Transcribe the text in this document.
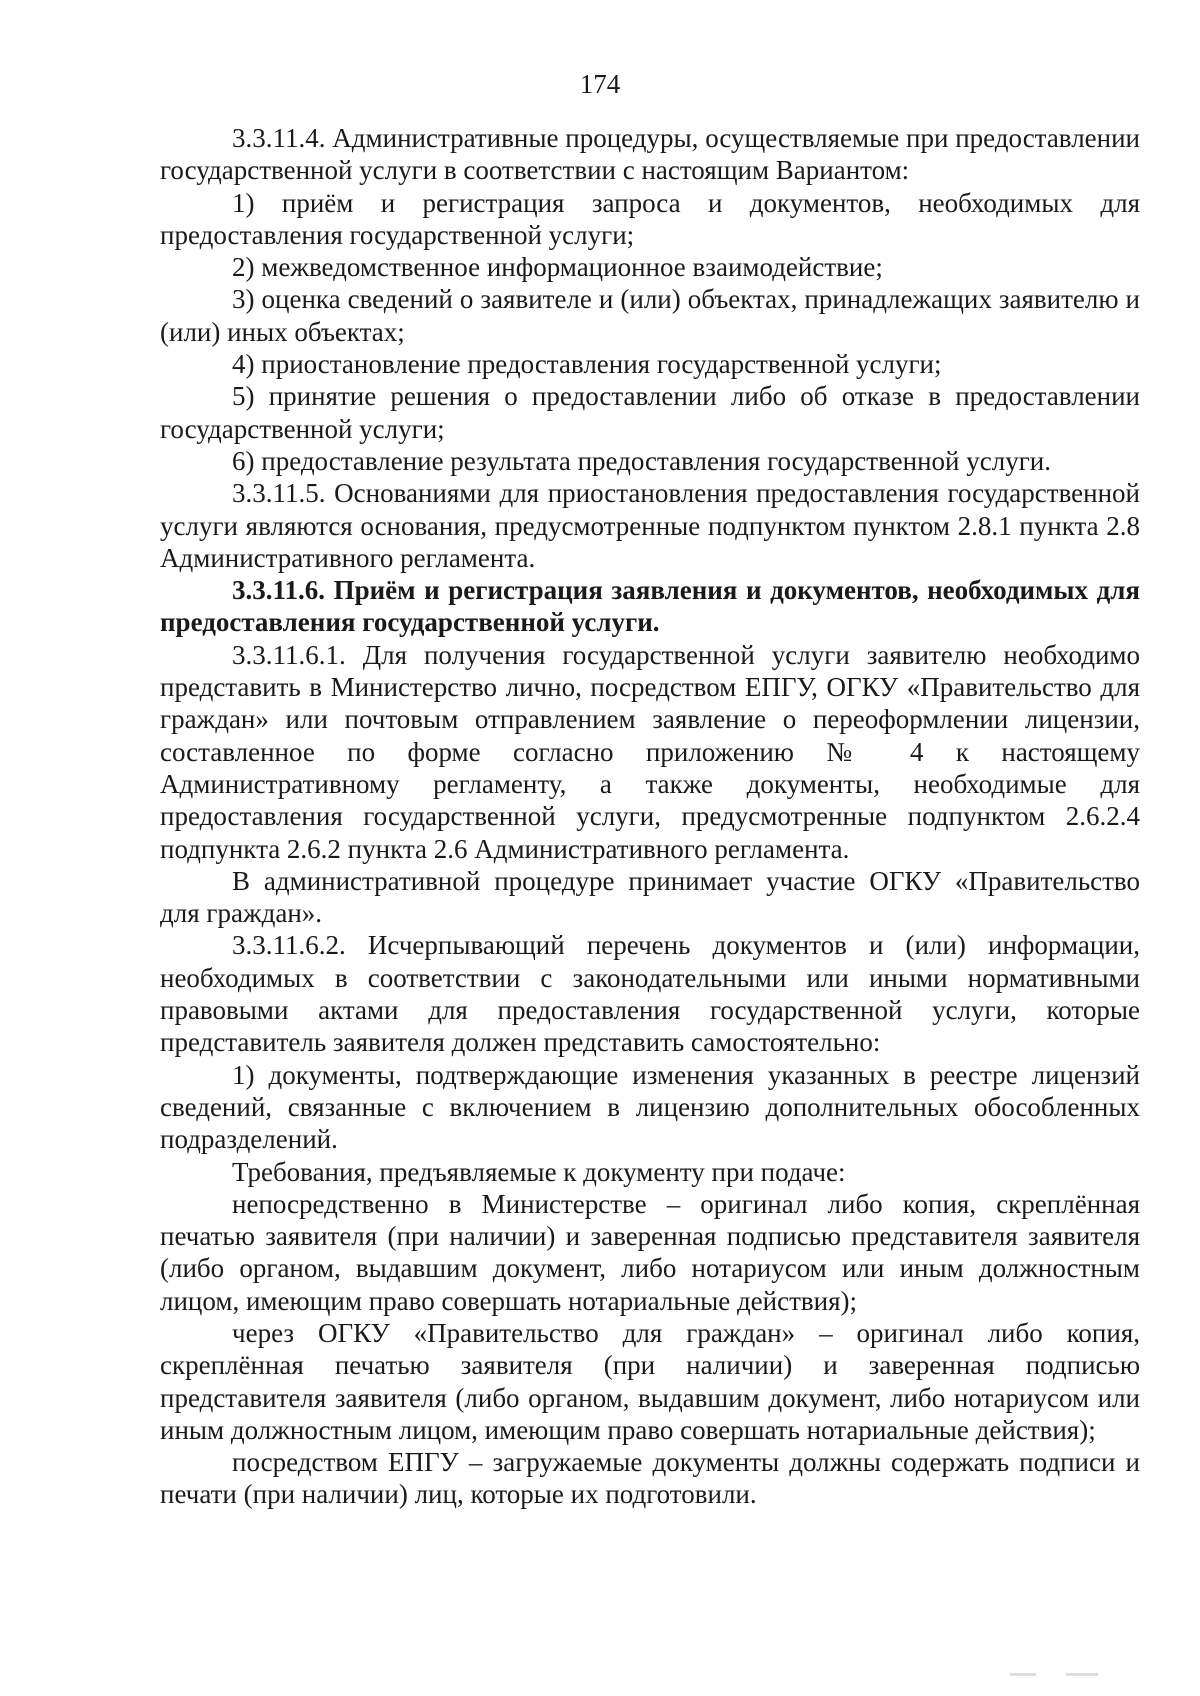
174

3.3.11.4. Административные процедуры, осуществляемые при предоставлении государственной услуги в соответствии с настоящим Вариантом:

1) приём и регистрация запроса и документов, необходимых для предоставления государственной услуги;

2) межведомственное информационное взаимодействие;

3) оценка сведений о заявителе и (или) объектах, принадлежащих заявителю и (или) иных объектах;

4) приостановление предоставления государственной услуги;

5) принятие решения о предоставлении либо об отказе в предоставлении государственной услуги;

6) предоставление результата предоставления государственной услуги.

3.3.11.5. Основаниями для приостановления предоставления государственной услуги являются основания, предусмотренные подпунктом пунктом 2.8.1 пункта 2.8 Административного регламента.

3.3.11.6. Приём и регистрация заявления и документов, необходимых для предоставления государственной услуги.

3.3.11.6.1. Для получения государственной услуги заявителю необходимо представить в Министерство лично, посредством ЕПГУ, ОГКУ «Правительство для граждан» или почтовым отправлением заявление о переоформлении лицензии, составленное по форме согласно приложению № 4 к настоящему Административному регламенту, а также документы, необходимые для предоставления государственной услуги, предусмотренные подпунктом 2.6.2.4 подпункта 2.6.2 пункта 2.6 Административного регламента.

В административной процедуре принимает участие ОГКУ «Правительство для граждан».

3.3.11.6.2. Исчерпывающий перечень документов и (или) информации, необходимых в соответствии с законодательными или иными нормативными правовыми актами для предоставления государственной услуги, которые представитель заявителя должен представить самостоятельно:

1) документы, подтверждающие изменения указанных в реестре лицензий сведений, связанные с включением в лицензию дополнительных обособленных подразделений.

Требования, предъявляемые к документу при подаче:

непосредственно в Министерстве – оригинал либо копия, скреплённая печатью заявителя (при наличии) и заверенная подписью представителя заявителя (либо органом, выдавшим документ, либо нотариусом или иным должностным лицом, имеющим право совершать нотариальные действия);

через ОГКУ «Правительство для граждан» – оригинал либо копия, скреплённая печатью заявителя (при наличии) и заверенная подписью представителя заявителя (либо органом, выдавшим документ, либо нотариусом или иным должностным лицом, имеющим право совершать нотариальные действия);

посредством ЕПГУ – загружаемые документы должны содержать подписи и печати (при наличии) лиц, которые их подготовили.
